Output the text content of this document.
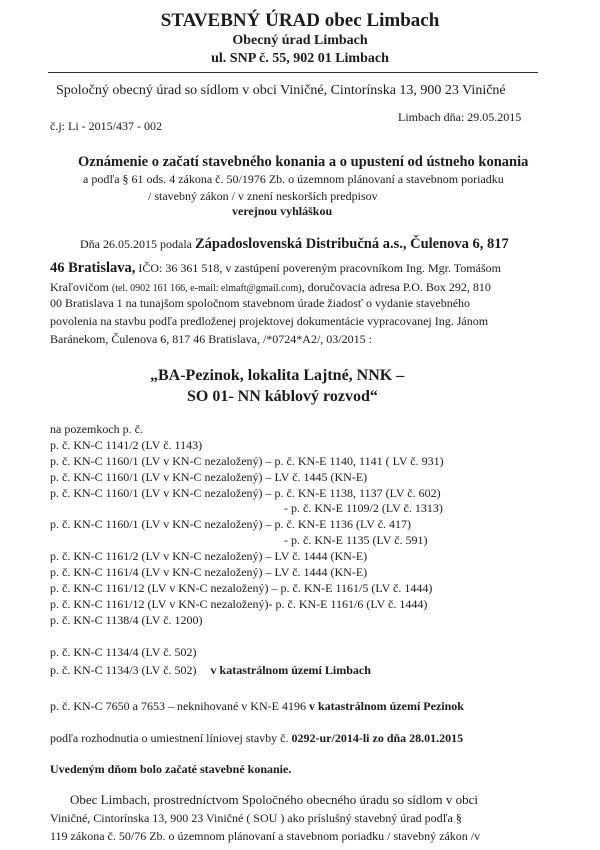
STAVEBNÝ ÚRAD obec Limbach
Obecný úrad Limbach
ul. SNP č. 55, 902 01 Limbach
Spoločný obecný úrad so sídlom v obci Viničné, Cintorínska 13, 900 23 Viničné
č.j: Li - 2015/437 - 002
Limbach dňa: 29.05.2015
Oznámenie o začatí stavebného konania a o upustení od ústneho konania
a podľa § 61 ods. 4 zákona č. 50/1976 Zb. o územnom plánovaní a stavebnom poriadku
/ stavebný zákon / v znení neskorších predpisov
verejnou vyhláškou
Dňa 26.05.2015 podala Západoslovenská Distribučná a.s., Čulenova 6, 817
46 Bratislava, IČO: 36 361 518, v zastúpení povereným pracovníkom Ing. Mgr. Tomášom
Kraľovičom (tel. 0902 161 166, e-mail: elmaft@gmail.com), doručovacia adresa P.O. Box 292, 810
00 Bratislava 1 na tunajšom spoločnom stavebnom úrade žiadosť o vydanie stavebného
povolenia na stavbu podľa predloženej projektovej dokumentácie vypracovanej Ing. Jánom
Baránekom, Čulenova 6, 817 46 Bratislava, /*0724*A2/, 03/2015 :
„BA-Pezinok, lokalita Lajtné, NNK –
SO 01- NN káblový rozvod“
na pozemkoch p. č.
p. č. KN-C 1141/2 (LV č. 1143)
p. č. KN-C 1160/1 (LV v KN-C nezaložený) – p. č. KN-E 1140, 1141 ( LV č. 931)
p. č. KN-C 1160/1 (LV v KN-C nezaložený) – LV č. 1445 (KN-E)
p. č. KN-C 1160/1 (LV v KN-C nezaložený) – p. č. KN-E 1138, 1137 (LV č. 602)
- p. č. KN-E 1109/2 (LV č. 1313)
p. č. KN-C 1160/1 (LV v KN-C nezaložený) – p. č. KN-E 1136 (LV č. 417)
- p. č. KN-E 1135 (LV č. 591)
p. č. KN-C 1161/2 (LV v KN-C nezaložený) – LV č. 1444 (KN-E)
p. č. KN-C 1161/4 (LV v KN-C nezaložený) – LV č. 1444 (KN-E)
p. č. KN-C 1161/12 (LV v KN-C nezaložený) – p. č. KN-E 1161/5 (LV č. 1444)
p. č. KN-C 1161/12 (LV v KN-C nezaložený)- p. č. KN-E 1161/6 (LV č. 1444)
p. č. KN-C 1138/4 (LV č. 1200)
p. č. KN-C 1134/4 (LV č. 502)
p. č. KN-C 1134/3 (LV č. 502) v katastrálnom území Limbach
p. č. KN-C 7650 a 7653 – neknihované v KN-E 4196 v katastrálnom území Pezinok
podľa rozhodnutia o umiestnení líniovej stavby č. 0292-ur/2014-li zo dňa 28.01.2015
Uvedeným dňom bolo začaté stavebné konanie.
Obec Limbach, prostredníctvom Spoločného obecného úradu so sídlom v obci
Viničné, Cintorínska 13, 900 23 Viničné ( SOU ) ako príslušný stavebný úrad podľa §
119 zákona č. 50/76 Zb. o územnom plánovaní a stavebnom poriadku / stavebný zákon /v
